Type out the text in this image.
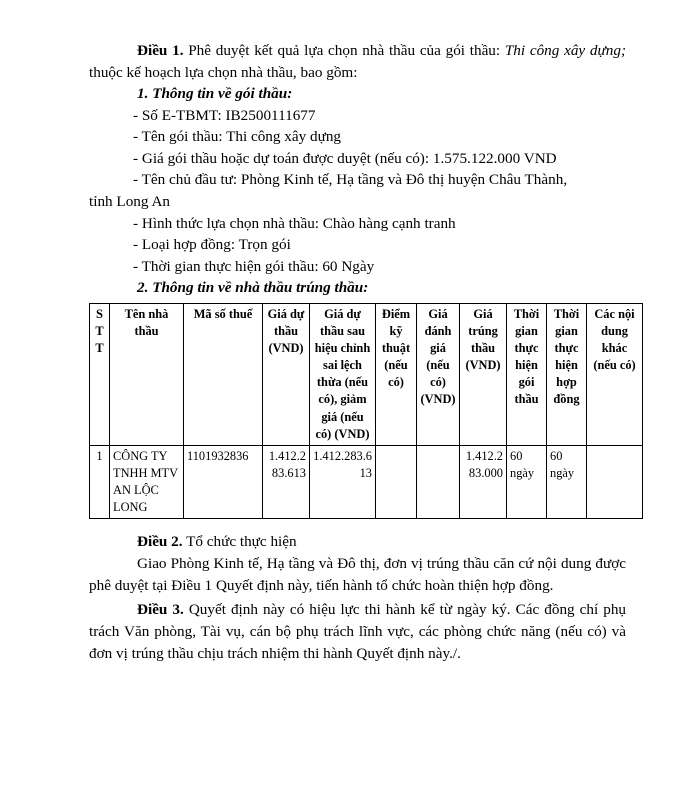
Điều 1. Phê duyệt kết quả lựa chọn nhà thầu của gói thầu: Thi công xây dựng; thuộc kế hoạch lựa chọn nhà thầu, bao gồm:

1. Thông tin về gói thầu:

- Số E-TBMT: IB2500111677

- Tên gói thầu: Thi công xây dựng

- Giá gói thầu hoặc dự toán được duyệt (nếu có): 1.575.122.000 VND

- Tên chủ đầu tư: Phòng Kinh tế, Hạ tầng và Đô thị huyện Châu Thành,

tỉnh Long An

- Hình thức lựa chọn nhà thầu: Chào hàng cạnh tranh

- Loại hợp đồng: Trọn gói

- Thời gian thực hiện gói thầu: 60 Ngày

2. Thông tin về nhà thầu trúng thầu:

S T T	Tên nhà thầu	Mã số thuế	Giá dự thầu (VND)	Giá dự thầu sau hiệu chỉnh sai lệch thừa (nếu có), giảm giá (nếu có) (VND)	Điểm kỹ thuật (nếu có)	Giá đánh giá (nếu có) (VND)	Giá trúng thầu (VND)	Thời gian thực hiện gói thầu	Thời gian thực hiện hợp đồng	Các nội dung khác (nếu có)
1	CÔNG TY TNHH MTV AN LỘC LONG	1101932836	1.412.283.613	1.412.283.613			1.412.283.000	60 ngày	60 ngày	

Điều 2. Tổ chức thực hiện

Giao Phòng Kinh tế, Hạ tầng và Đô thị, đơn vị trúng thầu căn cứ nội dung được phê duyệt tại Điều 1 Quyết định này, tiến hành tổ chức hoàn thiện hợp đồng.

Điều 3. Quyết định này có hiệu lực thi hành kể từ ngày ký. Các đồng chí phụ trách Văn phòng, Tài vụ, cán bộ phụ trách lĩnh vực, các phòng chức năng (nếu có) và đơn vị trúng thầu chịu trách nhiệm thi hành Quyết định này./.
